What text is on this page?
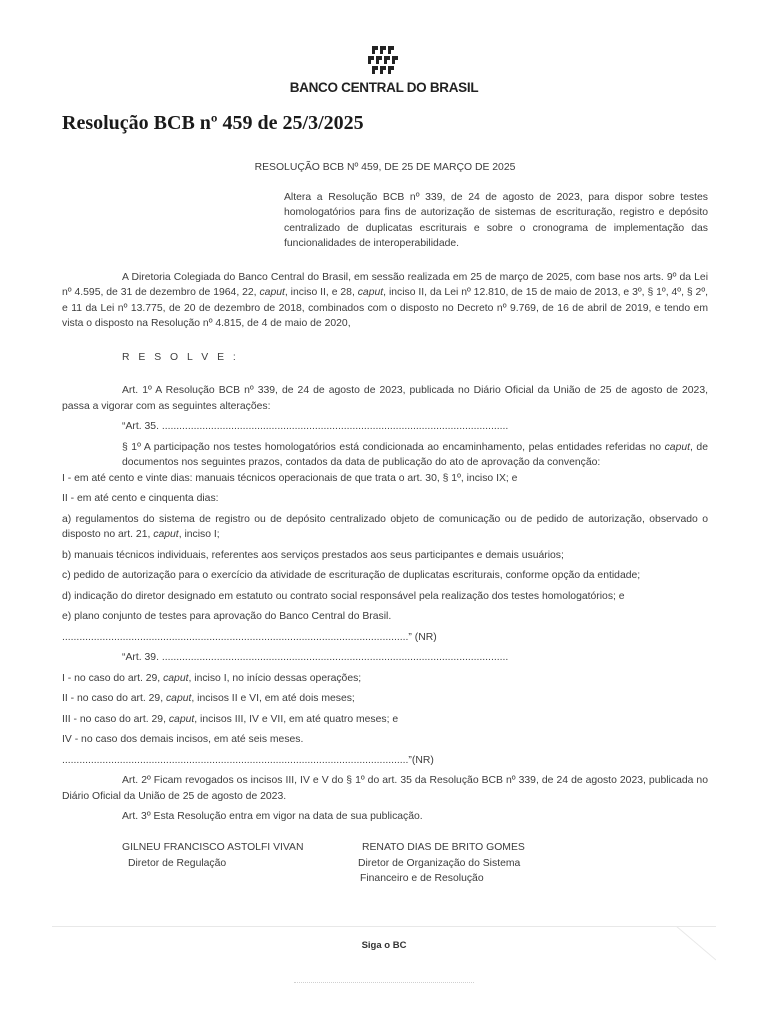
BANCO CENTRAL DO BRASIL
Resolução BCB nº 459 de 25/3/2025

RESOLUÇÃO BCB Nº 459, DE 25 DE MARÇO DE 2025

Altera a Resolução BCB nº 339, de 24 de agosto de 2023, para dispor sobre testes homologatórios para fins de autorização de sistemas de escrituração, registro e depósito centralizado de duplicatas escriturais e sobre o cronograma de implementação das funcionalidades de interoperabilidade.

A Diretoria Colegiada do Banco Central do Brasil, em sessão realizada em 25 de março de 2025, com base nos arts. 9º da Lei nº 4.595, de 31 de dezembro de 1964, 22, caput, inciso II, e 28, caput, inciso II, da Lei nº 12.810, de 15 de maio de 2013, e 3º, § 1º, 4º, § 2º, e 11 da Lei nº 13.775, de 20 de dezembro de 2018, combinados com o disposto no Decreto nº 9.769, de 16 de abril de 2019, e tendo em vista o disposto na Resolução nº 4.815, de 4 de maio de 2020,

R E S O L V E :

Art. 1º A Resolução BCB nº 339, de 24 de agosto de 2023, publicada no Diário Oficial da União de 25 de agosto de 2023, passa a vigorar com as seguintes alterações:

“Art. 35. ........................................................................................................................

§ 1º A participação nos testes homologatórios está condicionada ao encaminhamento, pelas entidades referidas no caput, de documentos nos seguintes prazos, contados da data de publicação do ato de aprovação da convenção:

I - em até cento e vinte dias: manuais técnicos operacionais de que trata o art. 30, § 1º, inciso IX; e

II - em até cento e cinquenta dias:

a) regulamentos do sistema de registro ou de depósito centralizado objeto de comunicação ou de pedido de autorização, observado o disposto no art. 21, caput, inciso I;

b) manuais técnicos individuais, referentes aos serviços prestados aos seus participantes e demais usuários;

c) pedido de autorização para o exercício da atividade de escrituração de duplicatas escriturais, conforme opção da entidade;

d) indicação do diretor designado em estatuto ou contrato social responsável pela realização dos testes homologatórios; e

e) plano conjunto de testes para aprovação do Banco Central do Brasil.

........................................................................................................................” (NR)

“Art. 39. ........................................................................................................................

I - no caso do art. 29, caput, inciso I, no início dessas operações;

II - no caso do art. 29, caput, incisos II e VI, em até dois meses;

III - no caso do art. 29, caput, incisos III, IV e VII, em até quatro meses; e

IV - no caso dos demais incisos, em até seis meses.

........................................................................................................................”(NR)

Art. 2º Ficam revogados os incisos III, IV e V do § 1º do art. 35 da Resolução BCB nº 339, de 24 de agosto 2023, publicada no Diário Oficial da União de 25 de agosto de 2023.

Art. 3º Esta Resolução entra em vigor na data de sua publicação.

GILNEU FRANCISCO ASTOLFI VIVAN

Diretor de Regulação

RENATO DIAS DE BRITO GOMES

Diretor de Organização do Sistema

Financeiro e de Resolução

Siga o BC
